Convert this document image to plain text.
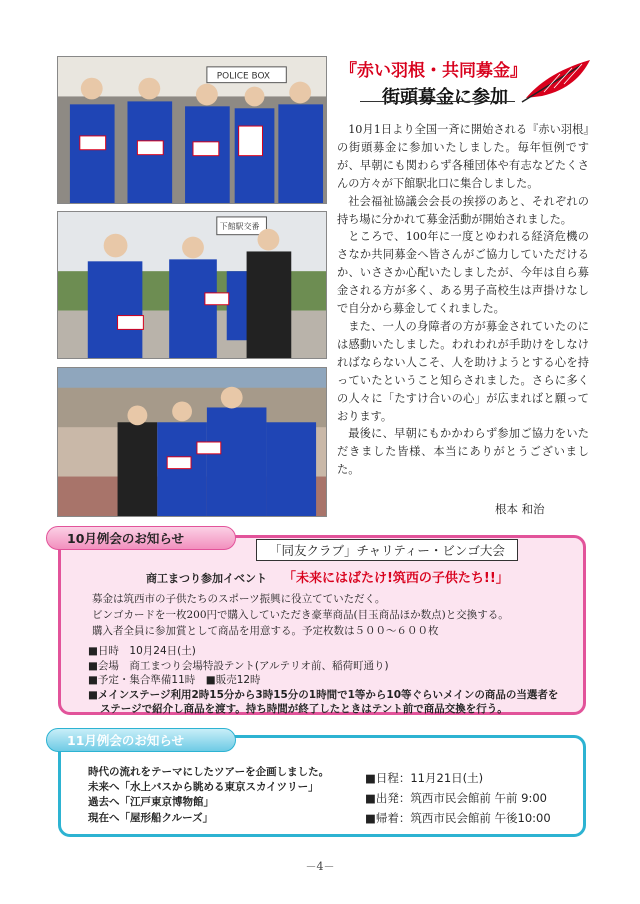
POLICE BOX
下館駅交番
『赤い羽根・共同募金』
街頭募金に参加

10月1日より全国一斉に開始される『赤い羽根』の街頭募金に参加いたしました。毎年恒例ですが、早朝にも関わらず各種団体や有志などたくさんの方々が下館駅北口に集合しました。

社会福祉協議会会長の挨拶のあと、それぞれの持ち場に分かれて募金活動が開始されました。

ところで、100年に一度とゆわれる経済危機のさなか共同募金へ皆さんがご協力していただけるか、いささか心配いたしましたが、今年は自ら募金される方が多く、ある男子高校生は声掛けなしで自分から募金してくれました。

また、一人の身障者の方が募金されていたのには感動いたしました。われわれが手助けをしなければならない人こそ、人を助けようとする心を持っていたということ知らされました。さらに多くの人々に「たすけ合いの心」が広まればと願っております。

最後に、早朝にもかかわらず参加ご協力をいただきました皆様、本当にありがとうございました。

根本 和治
10月例会のお知らせ
「同友クラブ」チャリティー・ビンゴ大会
商工まつり参加イベント 「未来にはばたけ!筑西の子供たち!!」
募金は筑西市の子供たちのスポーツ振興に役立てていただく。
ビンゴカードを一枚200円で購入していただき豪華商品(目玉商品ほか数点)と交換する。
購入者全員に参加賞として商品を用意する。予定枚数は５００～６００枚
■日時　10月24日(土)
■会場　商工まつり会場特設テント(アルテリオ前、稲荷町通り)
■予定・集合準備11時　■販売12時
■メインステージ利用2時15分から3時15分の1時間で1等から10等ぐらいメインの商品の当選者を
ステージで紹介し商品を渡す。持ち時間が終了したときはテント前で商品交換を行う。
11月例会のお知らせ
時代の流れをテーマにしたツアーを企画しました。
未来へ「水上バスから眺める東京スカイツリー」
過去へ「江戸東京博物館」
現在へ「屋形船クルーズ」
■日程：11月21日(土)
■出発：筑西市民会館前 午前 9:00
■帰着：筑西市民会館前 午後10:00
－4－
